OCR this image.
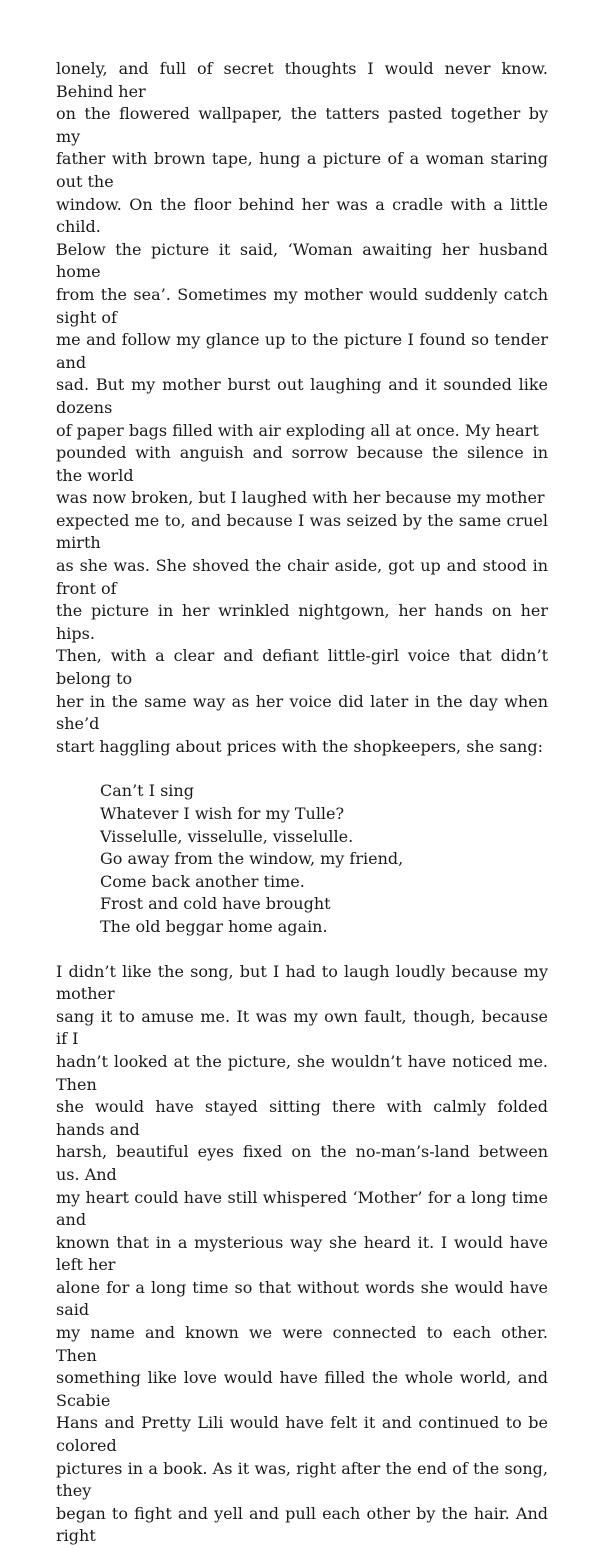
lonely, and full of secret thoughts I would never know. Behind her
on the flowered wallpaper, the tatters pasted together by my
father with brown tape, hung a picture of a woman staring out the
window. On the floor behind her was a cradle with a little child.
Below the picture it said, ‘Woman awaiting her husband home
from the sea’. Sometimes my mother would suddenly catch sight of
me and follow my glance up to the picture I found so tender and
sad. But my mother burst out laughing and it sounded like dozens
of paper bags filled with air exploding all at once. My heart
pounded with anguish and sorrow because the silence in the world
was now broken, but I laughed with her because my mother
expected me to, and because I was seized by the same cruel mirth
as she was. She shoved the chair aside, got up and stood in front of
the picture in her wrinkled nightgown, her hands on her hips.
Then, with a clear and defiant little-girl voice that didn’t belong to
her in the same way as her voice did later in the day when she’d
start haggling about prices with the shopkeepers, she sang:

Can’t I sing
Whatever I wish for my Tulle?
Visselulle, visselulle, visselulle.
Go away from the window, my friend,
Come back another time.
Frost and cold have brought
The old beggar home again.

I didn’t like the song, but I had to laugh loudly because my mother
sang it to amuse me. It was my own fault, though, because if I
hadn’t looked at the picture, she wouldn’t have noticed me. Then
she would have stayed sitting there with calmly folded hands and
harsh, beautiful eyes fixed on the no-man’s-land between us. And
my heart could have still whispered ‘Mother’ for a long time and
known that in a mysterious way she heard it. I would have left her
alone for a long time so that without words she would have said
my name and known we were connected to each other. Then
something like love would have filled the whole world, and Scabie
Hans and Pretty Lili would have felt it and continued to be colored
pictures in a book. As it was, right after the end of the song, they
began to fight and yell and pull each other by the hair. And right
